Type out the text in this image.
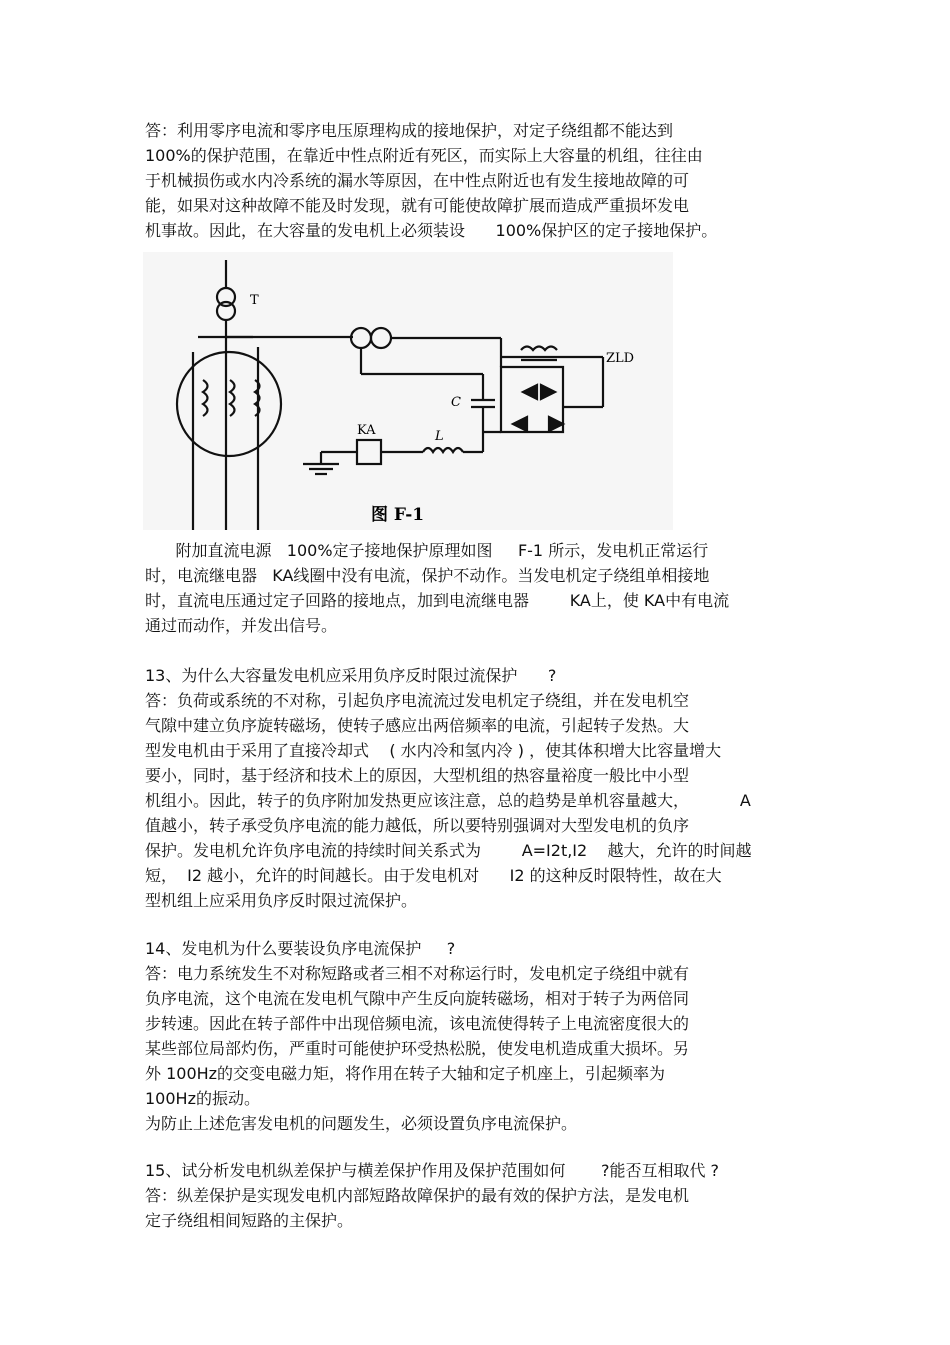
答：利用零序电流和零序电压原理构成的接地保护，对定子绕组都不能达到
100%的保护范围，在靠近中性点附近有死区，而实际上大容量的机组，往往由
于机械损伤或水内冷系统的漏水等原因，在中性点附近也有发生接地故障的可
能，如果对这种故障不能及时发现，就有可能使故障扩展而造成严重损坏发电
机事故。因此，在大容量的发电机上必须装设      100%保护区的定子接地保护。
T
ZLD
C
KA	L
图 F-1
附加直流电源   100%定子接地保护原理如图     F-1 所示，发电机正常运行
时，电流继电器   KA线圈中没有电流，保护不动作。当发电机定子绕组单相接地
时，直流电压通过定子回路的接地点，加到电流继电器        KA上，使 KA中有电流
通过而动作，并发出信号。
13、为什么大容量发电机应采用负序反时限过流保护      ?
答：负荷或系统的不对称，引起负序电流流过发电机定子绕组，并在发电机空
气隙中建立负序旋转磁场，使转子感应出两倍频率的电流，引起转子发热。大
型发电机由于采用了直接冷却式    ( 水内冷和氢内冷 ) ，使其体积增大比容量增大
要小，同时，基于经济和技术上的原因，大型机组的热容量裕度一般比中小型
机组小。因此，转子的负序附加发热更应该注意，总的趋势是单机容量越大，          A
值越小，转子承受负序电流的能力越低，所以要特别强调对大型发电机的负序
保护。发电机允许负序电流的持续时间关系式为        A=I2t,I2    越大，允许的时间越
短，  I2 越小，允许的时间越长。由于发电机对      I2 的这种反时限特性，故在大
型机组上应采用负序反时限过流保护。
14、发电机为什么要装设负序电流保护     ?
答：电力系统发生不对称短路或者三相不对称运行时，发电机定子绕组中就有
负序电流，这个电流在发电机气隙中产生反向旋转磁场，相对于转子为两倍同
步转速。因此在转子部件中出现倍频电流，该电流使得转子上电流密度很大的
某些部位局部灼伤，严重时可能使护环受热松脱，使发电机造成重大损坏。另
外 100Hz的交变电磁力矩，将作用在转子大轴和定子机座上，引起频率为
100Hz的振动。
为防止上述危害发电机的问题发生，必须设置负序电流保护。
15、试分析发电机纵差保护与横差保护作用及保护范围如何       ?能否互相取代 ?
答：纵差保护是实现发电机内部短路故障保护的最有效的保护方法，是发电机
定子绕组相间短路的主保护。
